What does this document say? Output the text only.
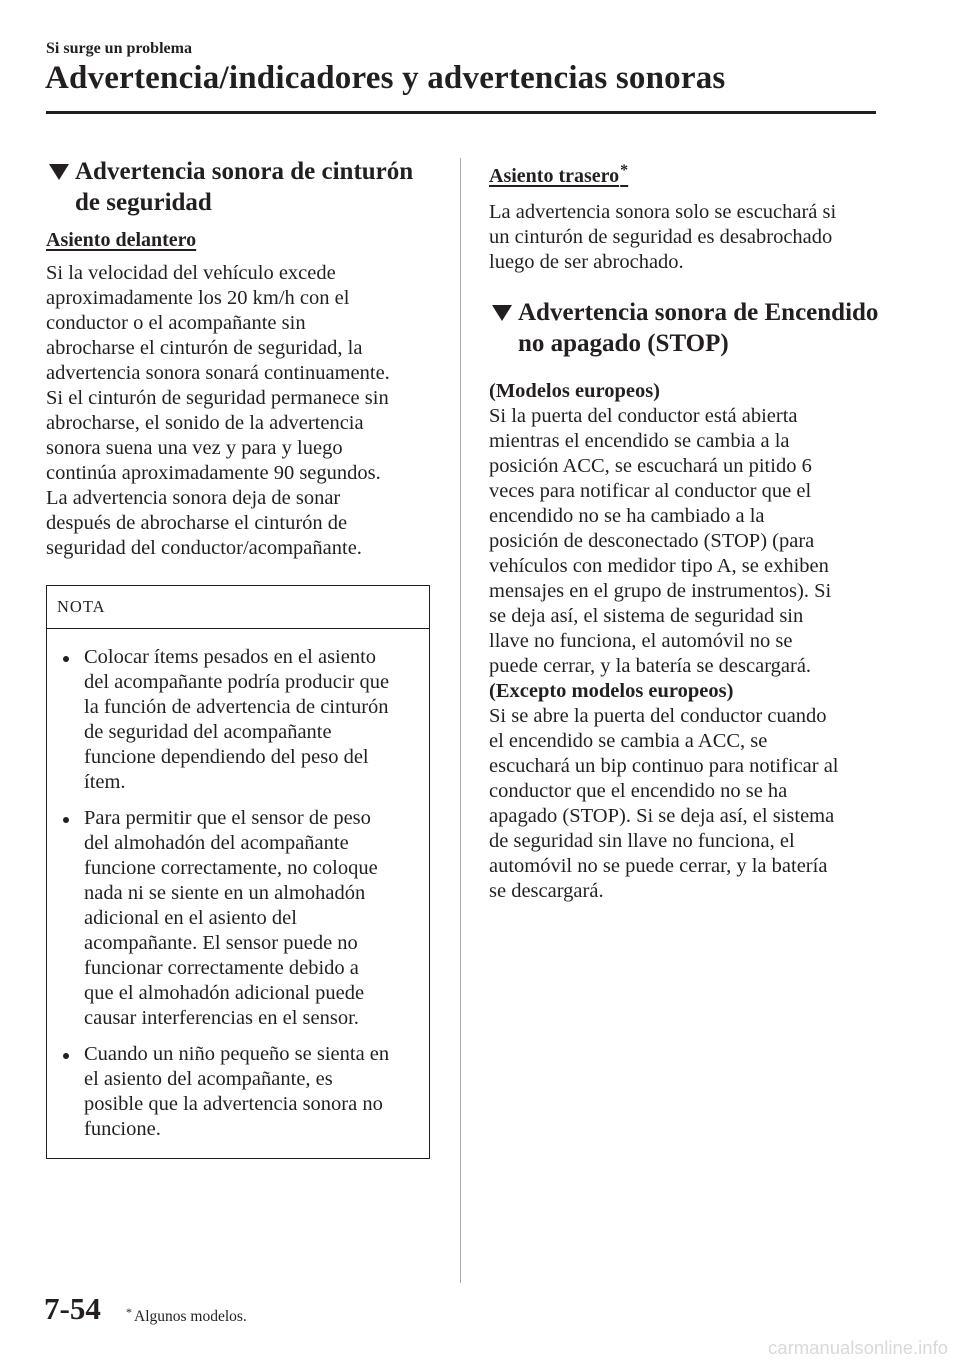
Si surge un problema
Advertencia/indicadores y advertencias sonoras
Advertencia sonora de cinturón
de seguridad
Asiento delantero

Si la velocidad del vehículo excede

aproximadamente los 20 km/h con el

conductor o el acompañante sin

abrocharse el cinturón de seguridad, la

advertencia sonora sonará continuamente.

Si el cinturón de seguridad permanece sin

abrocharse, el sonido de la advertencia

sonora suena una vez y para y luego

continúa aproximadamente 90 segundos.

La advertencia sonora deja de sonar

después de abrocharse el cinturón de

seguridad del conductor/acompañante.

NOTA
Colocar ítems pesados en el asiento
del acompañante podría producir que
la función de advertencia de cinturón
de seguridad del acompañante
funcione dependiendo del peso del
ítem.
Para permitir que el sensor de peso
del almohadón del acompañante
funcione correctamente, no coloque
nada ni se siente en un almohadón
adicional en el asiento del
acompañante. El sensor puede no
funcionar correctamente debido a
que el almohadón adicional puede
causar interferencias en el sensor.
Cuando un niño pequeño se sienta en
el asiento del acompañante, es
posible que la advertencia sonora no
funcione.
Asiento trasero*

La advertencia sonora solo se escuchará si

un cinturón de seguridad es desabrochado

luego de ser abrochado.

Advertencia sonora de Encendido
no apagado (STOP)

(Modelos europeos)

Si la puerta del conductor está abierta

mientras el encendido se cambia a la

posición ACC, se escuchará un pitido 6

veces para notificar al conductor que el

encendido no se ha cambiado a la

posición de desconectado (STOP) (para

vehículos con medidor tipo A, se exhiben

mensajes en el grupo de instrumentos). Si

se deja así, el sistema de seguridad sin

llave no funciona, el automóvil no se

puede cerrar, y la batería se descargará.

(Excepto modelos europeos)

Si se abre la puerta del conductor cuando

el encendido se cambia a ACC, se

escuchará un bip continuo para notificar al

conductor que el encendido no se ha

apagado (STOP). Si se deja así, el sistema

de seguridad sin llave no funciona, el

automóvil no se puede cerrar, y la batería

se descargará.

7-54 * Algunos modelos.
carmanualsonline.info
